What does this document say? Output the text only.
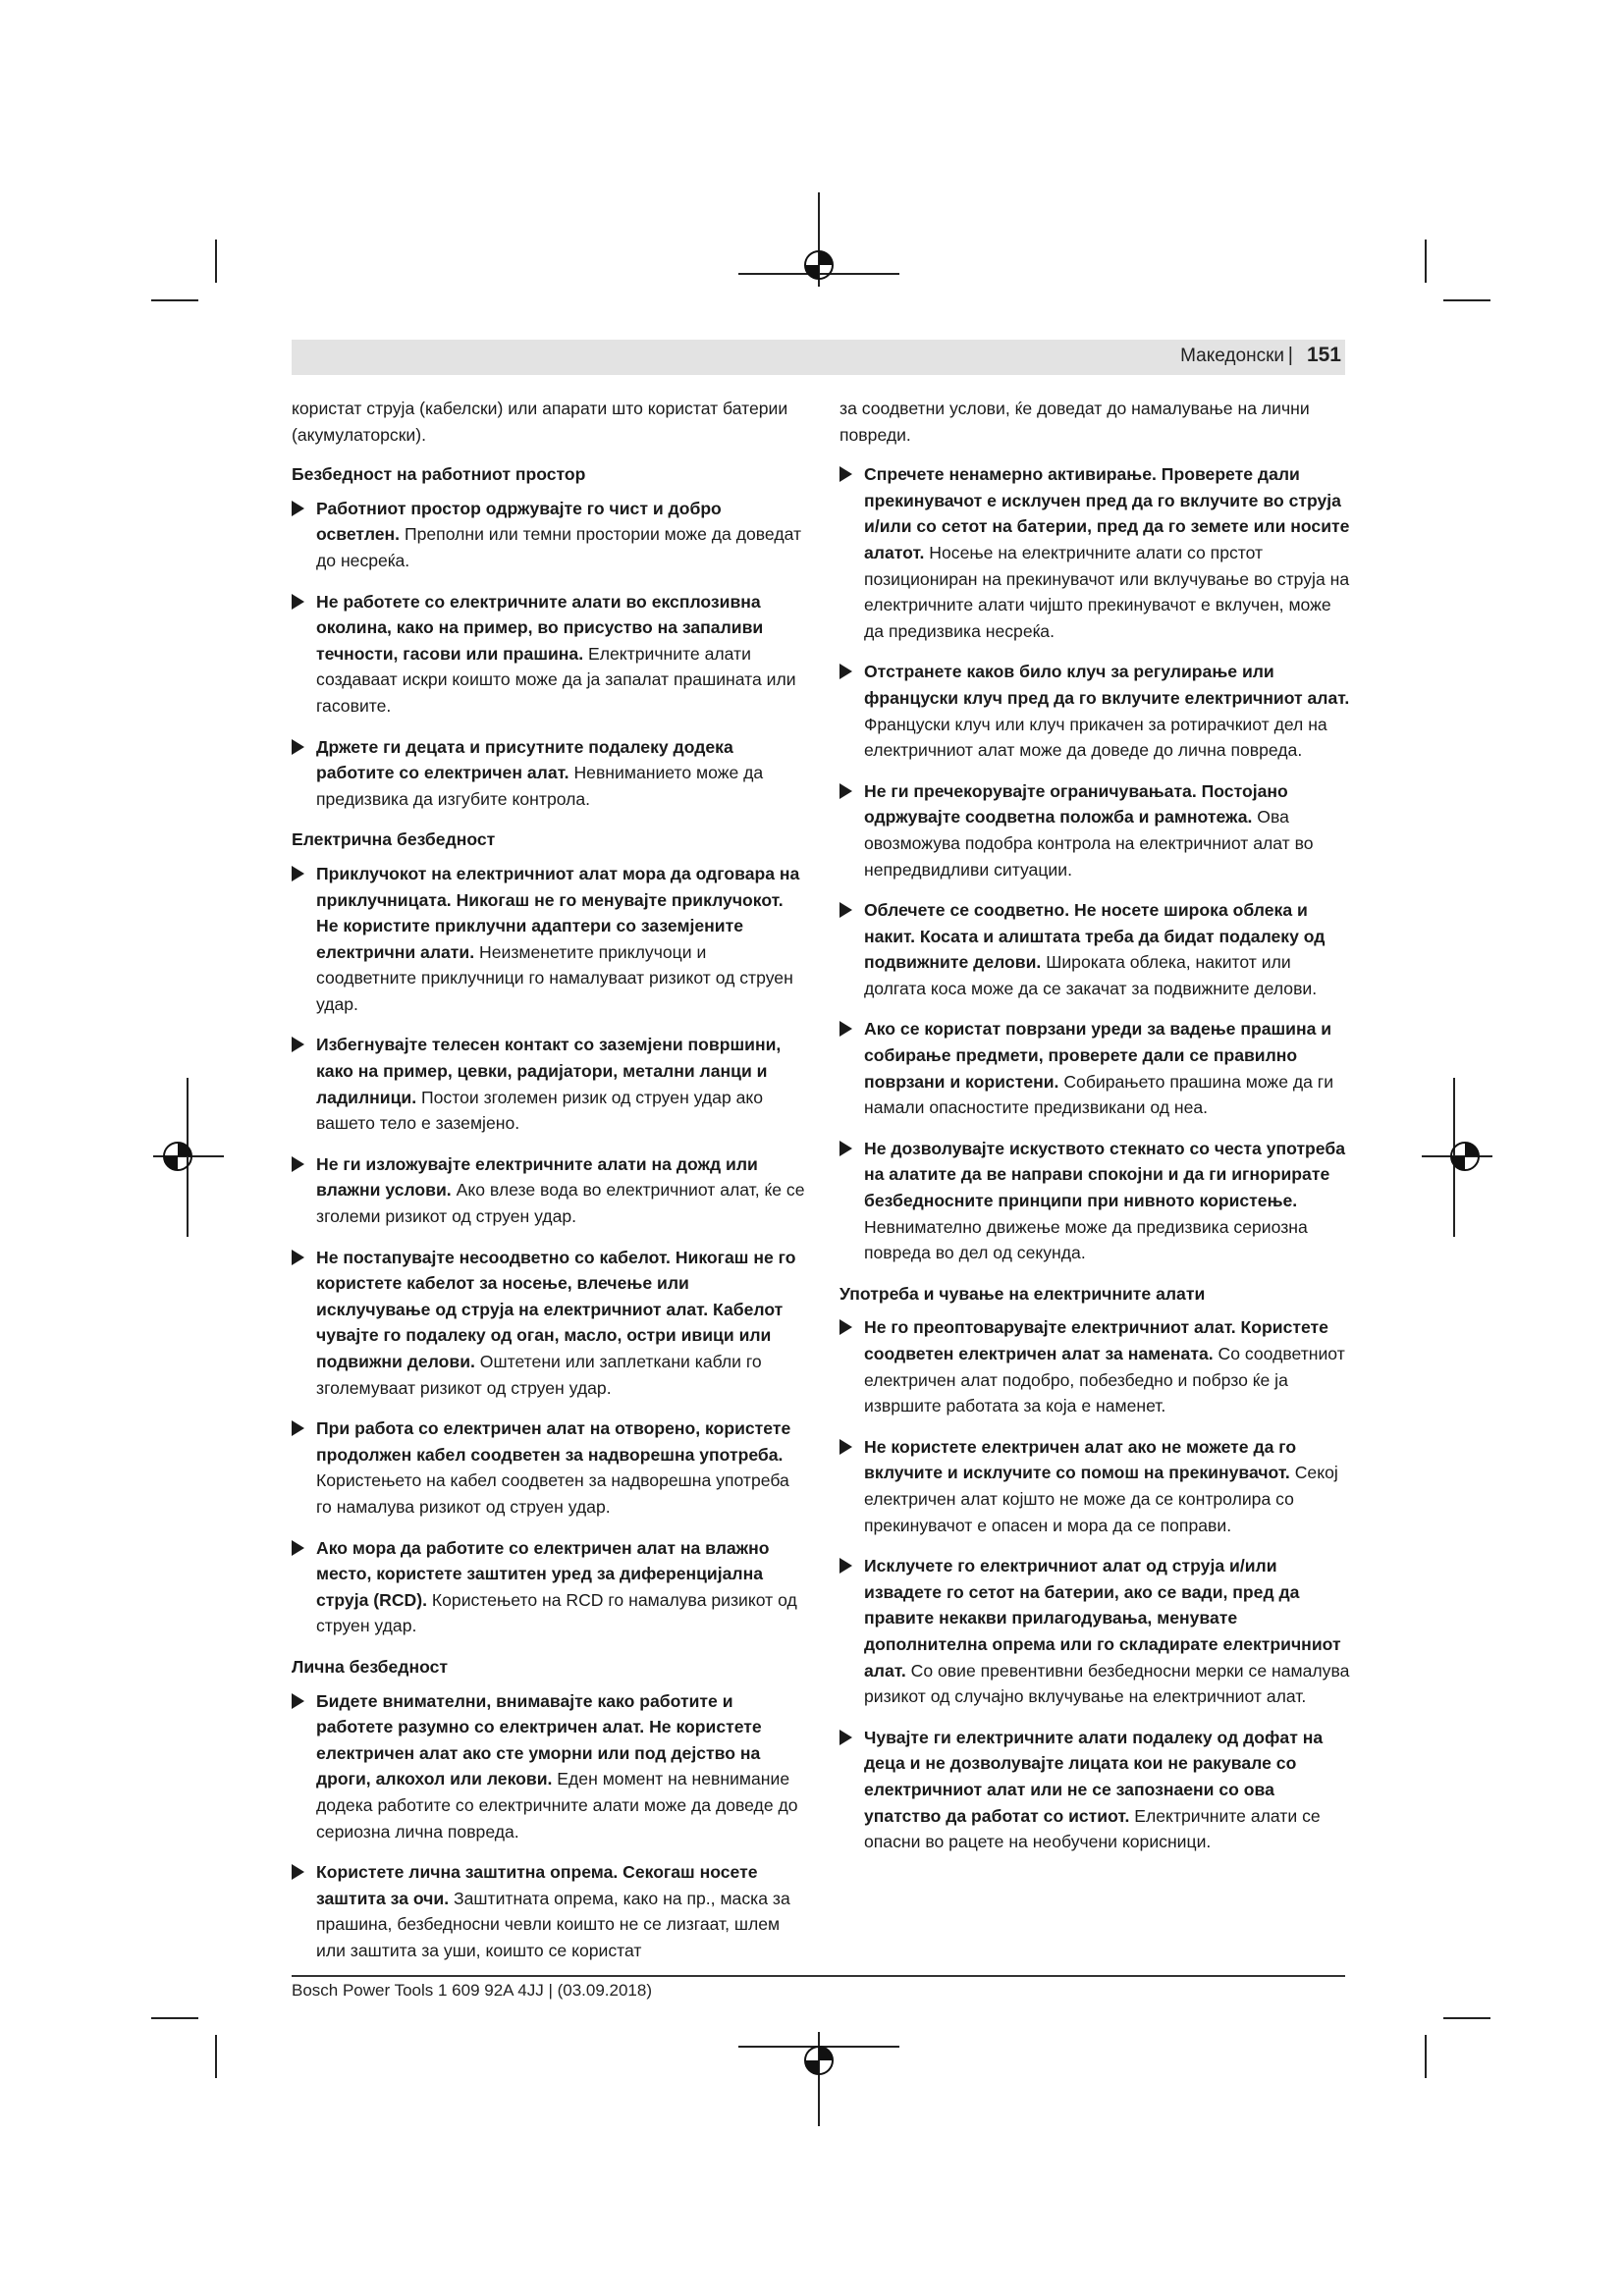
Македонски | 151

користат струја (кабелски) или апарати што користат батерии (акумулаторски).

Безбедност на работниот простор
Работниот простор одржувајте го чист и добро осветлен. Преполни или темни простории може да доведат до несреќа.
Не работете со електричните алати во експлозивна околина, како на пример, во присуство на запаливи течности, гасови или прашина. Електричните алати создаваат искри коишто може да ја запалат прашината или гасовите.
Држете ги децата и присутните подалеку додека работите со електричен алат. Невниманието може да предизвика да изгубите контрола.
Електрична безбедност
Приклучокот на електричниот алат мора да одговара на приклучницата. Никогаш не го менувајте приклучокот. Не користите приклучни адаптери со заземјените електрични алати. Неизменетите приклучоци и соодветните приклучници го намалуваат ризикот од струен удар.
Избегнувајте телесен контакт со заземјени површини, како на пример, цевки, радијатори, метални ланци и ладилници. Постои зголемен ризик од струен удар ако вашето тело е заземјено.
Не ги изложувајте електричните алати на дожд или влажни услови. Ако влезе вода во електричниот алат, ќе се зголеми ризикот од струен удар.
Не постапувајте несоодветно со кабелот. Никогаш не го користете кабелот за носење, влечење или исклучување од струја на електричниот алат. Кабелот чувајте го подалеку од оган, масло, остри ивици или подвижни делови. Оштетени или заплеткани кабли го зголемуваат ризикот од струен удар.
При работа со електричен алат на отворено, користете продолжен кабел соодветен за надворешна употреба. Користењето на кабел соодветен за надворешна употреба го намалува ризикот од струен удар.
Ако мора да работите со електричен алат на влажно место, користете заштитен уред за диференцијална струја (RCD). Користењето на RCD го намалува ризикот од струен удар.
Лична безбедност
Бидете внимателни, внимавајте како работите и работете разумно со електричен алат. Не користете електричен алат ако сте уморни или под дејство на дроги, алкохол или лекови. Еден момент на невнимание додека работите со електричните алати може да доведе до сериозна лична повреда.
Користете лична заштитна опрема. Секогаш носете заштита за очи. Заштитната опрема, како на пр., маска за прашина, безбедносни чевли коишто не се лизгаат, шлем или заштита за уши, коишто се користат

за соодветни услови, ќе доведат до намалување на лични повреди.

Спречете ненамерно активирање. Проверете дали прекинувачот е исклучен пред да го вклучите во струја и/или со сетот на батерии, пред да го земете или носите алатот. Носење на електричните алати со прстот позициониран на прекинувачот или вклучување во струја на електричните алати чијшто прекинувачот е вклучен, може да предизвика несреќа.
Отстранете каков било клуч за регулирање или француски клуч пред да го вклучите електричниот алат. Француски клуч или клуч прикачен за ротирачкиот дел на електричниот алат може да доведе до лична повреда.
Не ги пречекорувајте ограничувањата. Постојано одржувајте соодветна положба и рамнотежа. Ова овозможува подобра контрола на електричниот алат во непредвидливи ситуации.
Облечете се соодветно. Не носете широка облека и накит. Косата и алиштата треба да бидат подалеку од подвижните делови. Широката облека, накитот или долгата коса може да се закачат за подвижните делови.
Ако се користат поврзани уреди за вадење прашина и собирање предмети, проверете дали се правилно поврзани и користени. Собирањето прашина може да ги намали опасностите предизвикани од неа.
Не дозволувајте искуството стекнато со честа употреба на алатите да ве направи спокојни и да ги игнорирате безбедносните принципи при нивното користење. Невнимателно движење може да предизвика сериозна повреда во дел од секунда.
Употреба и чување на електричните алати
Не го преоптоварувајте електричниот алат. Користете соодветен електричен алат за намената. Со соодветниот електричен алат подобро, побезбедно и побрзо ќе ја извршите работата за која е наменет.
Не користете електричен алат ако не можете да го вклучите и исклучите со помош на прекинувачот. Секој електричен алат којшто не може да се контролира со прекинувачот е опасен и мора да се поправи.
Исклучете го електричниот алат од струја и/или извадете го сетот на батерии, ако се вади, пред да правите некакви прилагодувања, менувате дополнителна опрема или го складирате електричниот алат. Со овие превентивни безбедносни мерки се намалува ризикот од случајно вклучување на електричниот алат.
Чувајте ги електричните алати подалеку од дофат на деца и не дозволувајте лицата кои не ракувале со електричниот алат или не се запознаени со ова упатство да работат со истиот. Електричните алати се опасни во рацете на необучени корисници.
Bosch Power Tools 1 609 92A 4JJ | (03.09.2018)
